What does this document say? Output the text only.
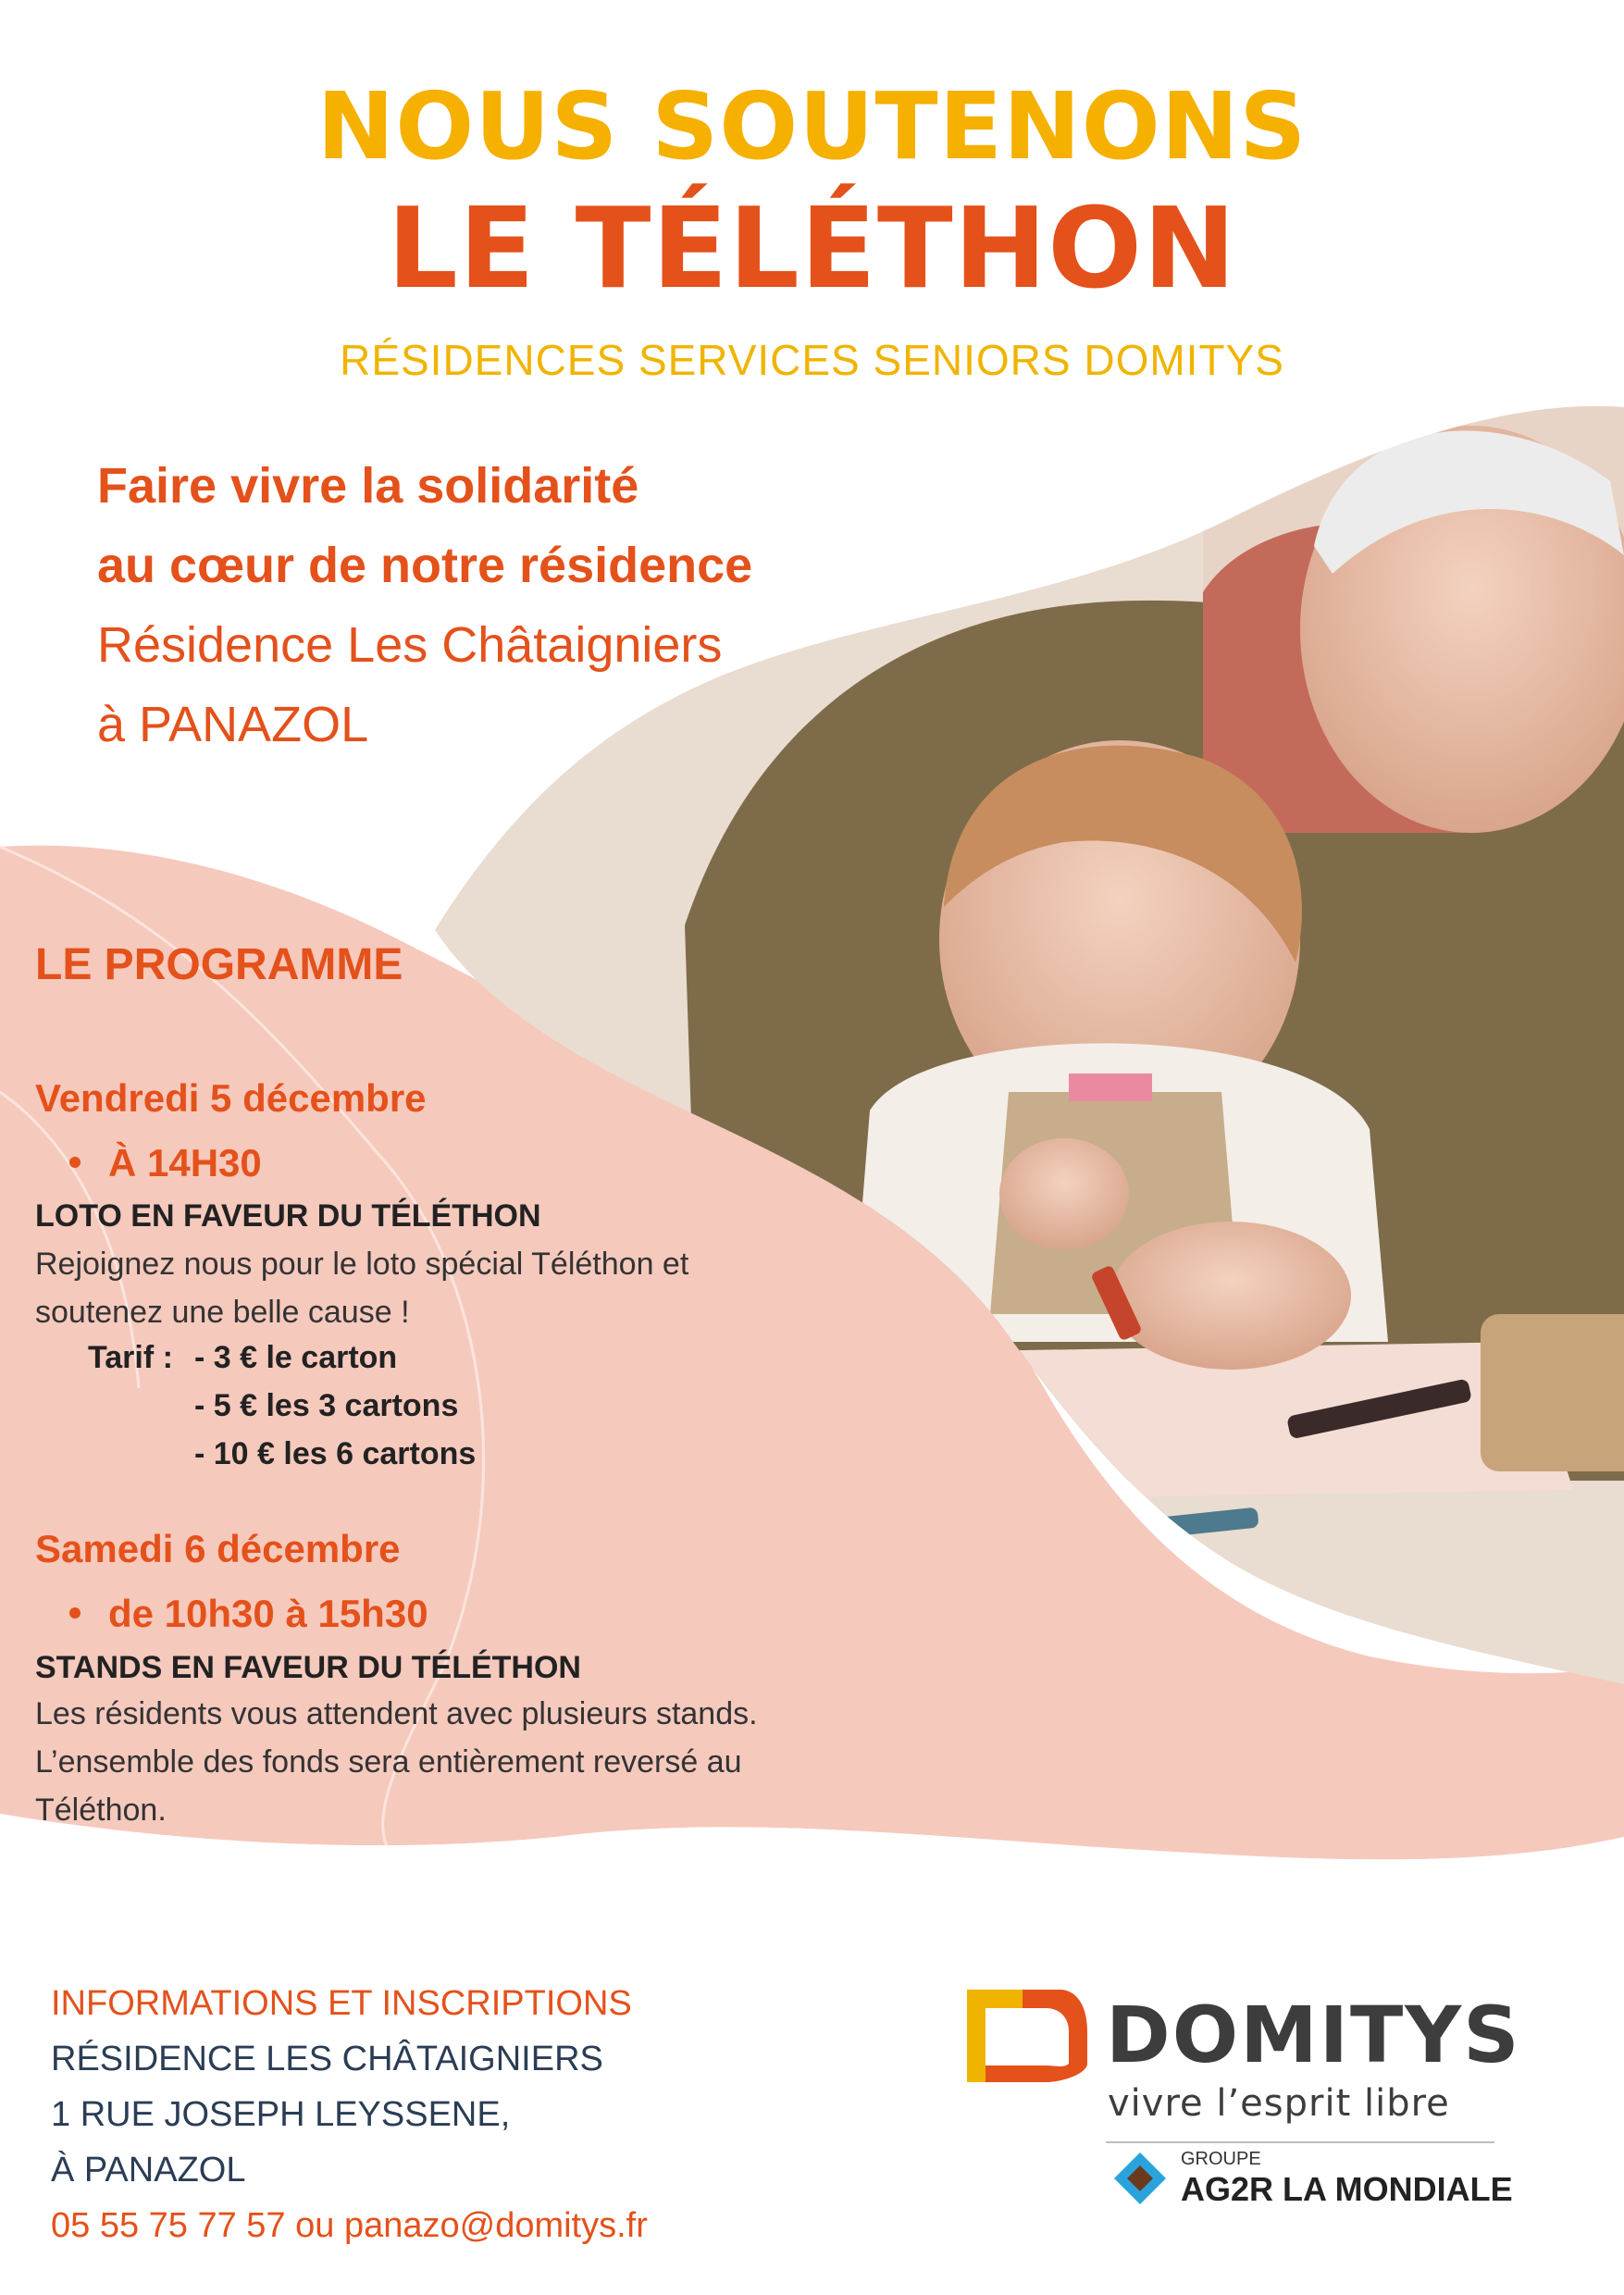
NOUS SOUTENONS
LE TÉLÉTHON
RÉSIDENCES SERVICES SENIORS DOMITYS
Faire vivre la solidarité
au cœur de notre résidence
Résidence Les Châtaigniers
à PANAZOL
LE PROGRAMME
Vendredi 5 décembre
À 14H30
LOTO EN FAVEUR DU TÉLÉTHON
Rejoignez nous pour le loto spécial Téléthon et
soutenez une belle cause !
Tarif : - 3 € le carton
- 5 € les 3 cartons
- 10 € les 6 cartons
Samedi 6 décembre
de 10h30 à 15h30
STANDS EN FAVEUR DU TÉLÉTHON
Les résidents vous attendent avec plusieurs stands.
L’ensemble des fonds sera entièrement reversé au
Téléthon.
INFORMATIONS ET INSCRIPTIONS
RÉSIDENCE LES CHÂTAIGNIERS
1 RUE JOSEPH LEYSSENE,
À PANAZOL
05 55 75 77 57 ou panazo@domitys.fr
DOMITYS
vivre l’esprit libre
GROUPE
AG2R LA MONDIALE
